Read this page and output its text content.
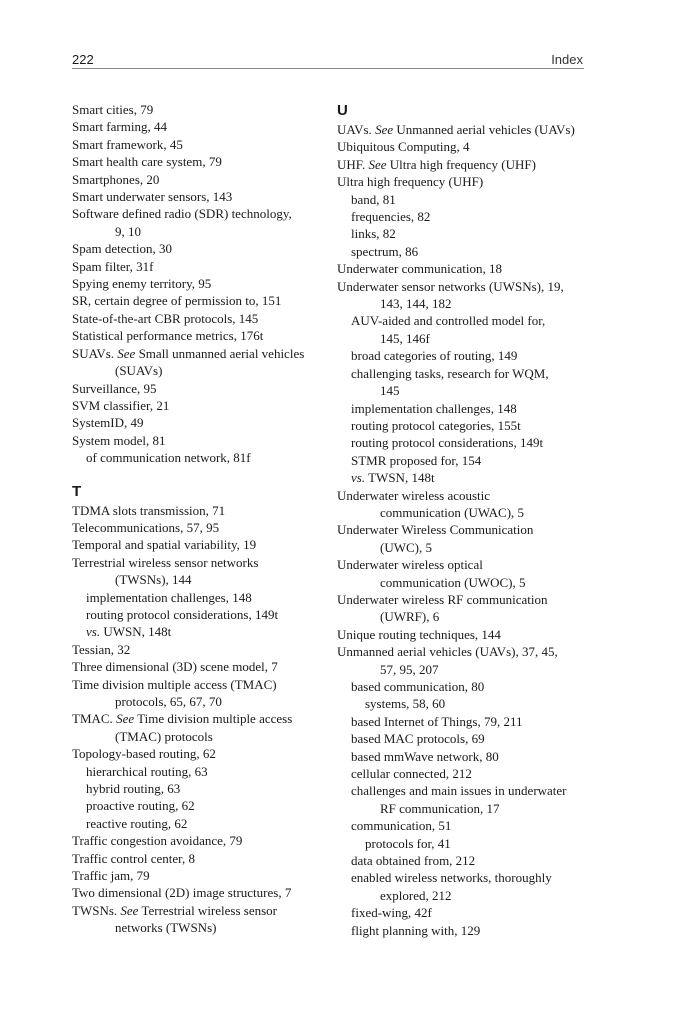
222	Index
Smart cities, 79
Smart farming, 44
Smart framework, 45
Smart health care system, 79
Smartphones, 20
Smart underwater sensors, 143
Software defined radio (SDR) technology,
9, 10
Spam detection, 30
Spam filter, 31f
Spying enemy territory, 95
SR, certain degree of permission to, 151
State-of-the-art CBR protocols, 145
Statistical performance metrics, 176t
SUAVs. See Small unmanned aerial vehicles
(SUAVs)
Surveillance, 95
SVM classifier, 21
SystemID, 49
System model, 81
of communication network, 81f
T
TDMA slots transmission, 71
Telecommunications, 57, 95
Temporal and spatial variability, 19
Terrestrial wireless sensor networks
(TWSNs), 144
implementation challenges, 148
routing protocol considerations, 149t
vs. UWSN, 148t
Tessian, 32
Three dimensional (3D) scene model, 7
Time division multiple access (TMAC)
protocols, 65, 67, 70
TMAC. See Time division multiple access
(TMAC) protocols
Topology-based routing, 62
hierarchical routing, 63
hybrid routing, 63
proactive routing, 62
reactive routing, 62
Traffic congestion avoidance, 79
Traffic control center, 8
Traffic jam, 79
Two dimensional (2D) image structures, 7
TWSNs. See Terrestrial wireless sensor
networks (TWSNs)
U
UAVs. See Unmanned aerial vehicles (UAVs)
Ubiquitous Computing, 4
UHF. See Ultra high frequency (UHF)
Ultra high frequency (UHF)
band, 81
frequencies, 82
links, 82
spectrum, 86
Underwater communication, 18
Underwater sensor networks (UWSNs), 19,
143, 144, 182
AUV-aided and controlled model for,
145, 146f
broad categories of routing, 149
challenging tasks, research for WQM,
145
implementation challenges, 148
routing protocol categories, 155t
routing protocol considerations, 149t
STMR proposed for, 154
vs. TWSN, 148t
Underwater wireless acoustic
communication (UWAC), 5
Underwater Wireless Communication
(UWC), 5
Underwater wireless optical
communication (UWOC), 5
Underwater wireless RF communication
(UWRF), 6
Unique routing techniques, 144
Unmanned aerial vehicles (UAVs), 37, 45,
57, 95, 207
based communication, 80
systems, 58, 60
based Internet of Things, 79, 211
based MAC protocols, 69
based mmWave network, 80
cellular connected, 212
challenges and main issues in underwater
RF communication, 17
communication, 51
protocols for, 41
data obtained from, 212
enabled wireless networks, thoroughly
explored, 212
fixed-wing, 42f
flight planning with, 129
